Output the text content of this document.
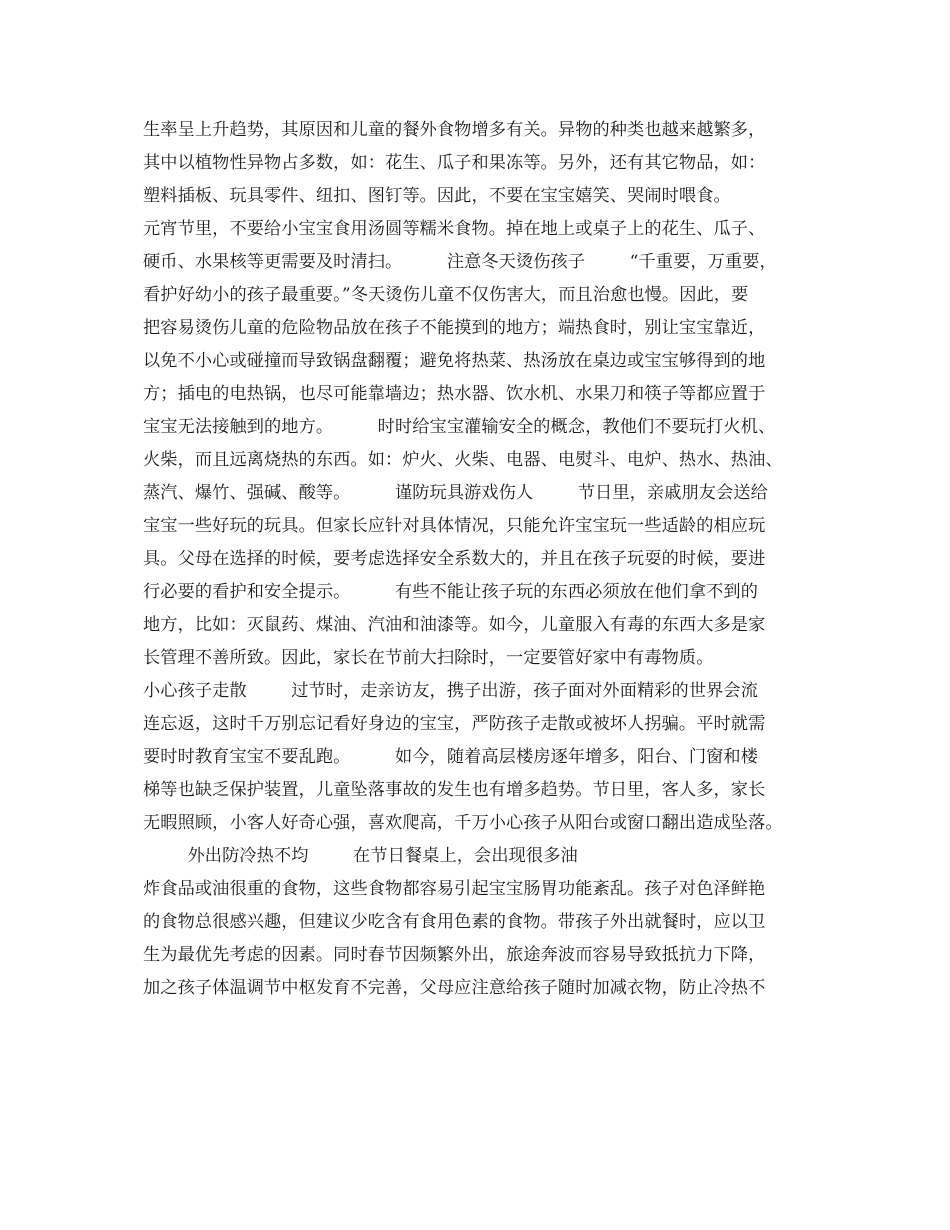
生率呈上升趋势，其原因和儿童的餐外食物增多有关。异物的种类也越来越繁多，
其中以植物性异物占多数，如：花生、瓜子和果冻等。另外，还有其它物品，如：
塑料插板、玩具零件、纽扣、图钉等。因此，不要在宝宝嬉笑、哭闹时喂食。
元宵节里，不要给小宝宝食用汤圆等糯米食物。掉在地上或桌子上的花生、瓜子、
硬币、水果核等更需要及时清扫。        注意冬天烫伤孩子        “千重要，万重要，
看护好幼小的孩子最重要。”冬天烫伤儿童不仅伤害大，而且治愈也慢。因此，要
把容易烫伤儿童的危险物品放在孩子不能摸到的地方；端热食时，别让宝宝靠近，
以免不小心或碰撞而导致锅盘翻覆；避免将热菜、热汤放在桌边或宝宝够得到的地
方；插电的电热锅，也尽可能靠墙边；热水器、饮水机、水果刀和筷子等都应置于
宝宝无法接触到的地方。        时时给宝宝灌输安全的概念，教他们不要玩打火机、
火柴，而且远离烧热的东西。如：炉火、火柴、电器、电熨斗、电炉、热水、热油、
蒸汽、爆竹、强碱、酸等。        谨防玩具游戏伤人        节日里，亲戚朋友会送给
宝宝一些好玩的玩具。但家长应针对具体情况，只能允许宝宝玩一些适龄的相应玩
具。父母在选择的时候，要考虑选择安全系数大的，并且在孩子玩耍的时候，要进
行必要的看护和安全提示。        有些不能让孩子玩的东西必须放在他们拿不到的
地方，比如：灭鼠药、煤油、汽油和油漆等。如今，儿童服入有毒的东西大多是家
长管理不善所致。因此，家长在节前大扫除时，一定要管好家中有毒物质。
小心孩子走散        过节时，走亲访友，携子出游，孩子面对外面精彩的世界会流
连忘返，这时千万别忘记看好身边的宝宝，严防孩子走散或被坏人拐骗。平时就需
要时时教育宝宝不要乱跑。        如今，随着高层楼房逐年增多，阳台、门窗和楼
梯等也缺乏保护装置，儿童坠落事故的发生也有增多趋势。节日里，客人多，家长
无暇照顾，小客人好奇心强，喜欢爬高，千万小心孩子从阳台或窗口翻出造成坠落。
外出防冷热不均        在节日餐桌上，会出现很多油
炸食品或油很重的食物，这些食物都容易引起宝宝肠胃功能紊乱。孩子对色泽鲜艳
的食物总很感兴趣，但建议少吃含有食用色素的食物。带孩子外出就餐时，应以卫
生为最优先考虑的因素。同时春节因频繁外出，旅途奔波而容易导致抵抗力下降，
加之孩子体温调节中枢发育不完善，父母应注意给孩子随时加减衣物，防止冷热不
